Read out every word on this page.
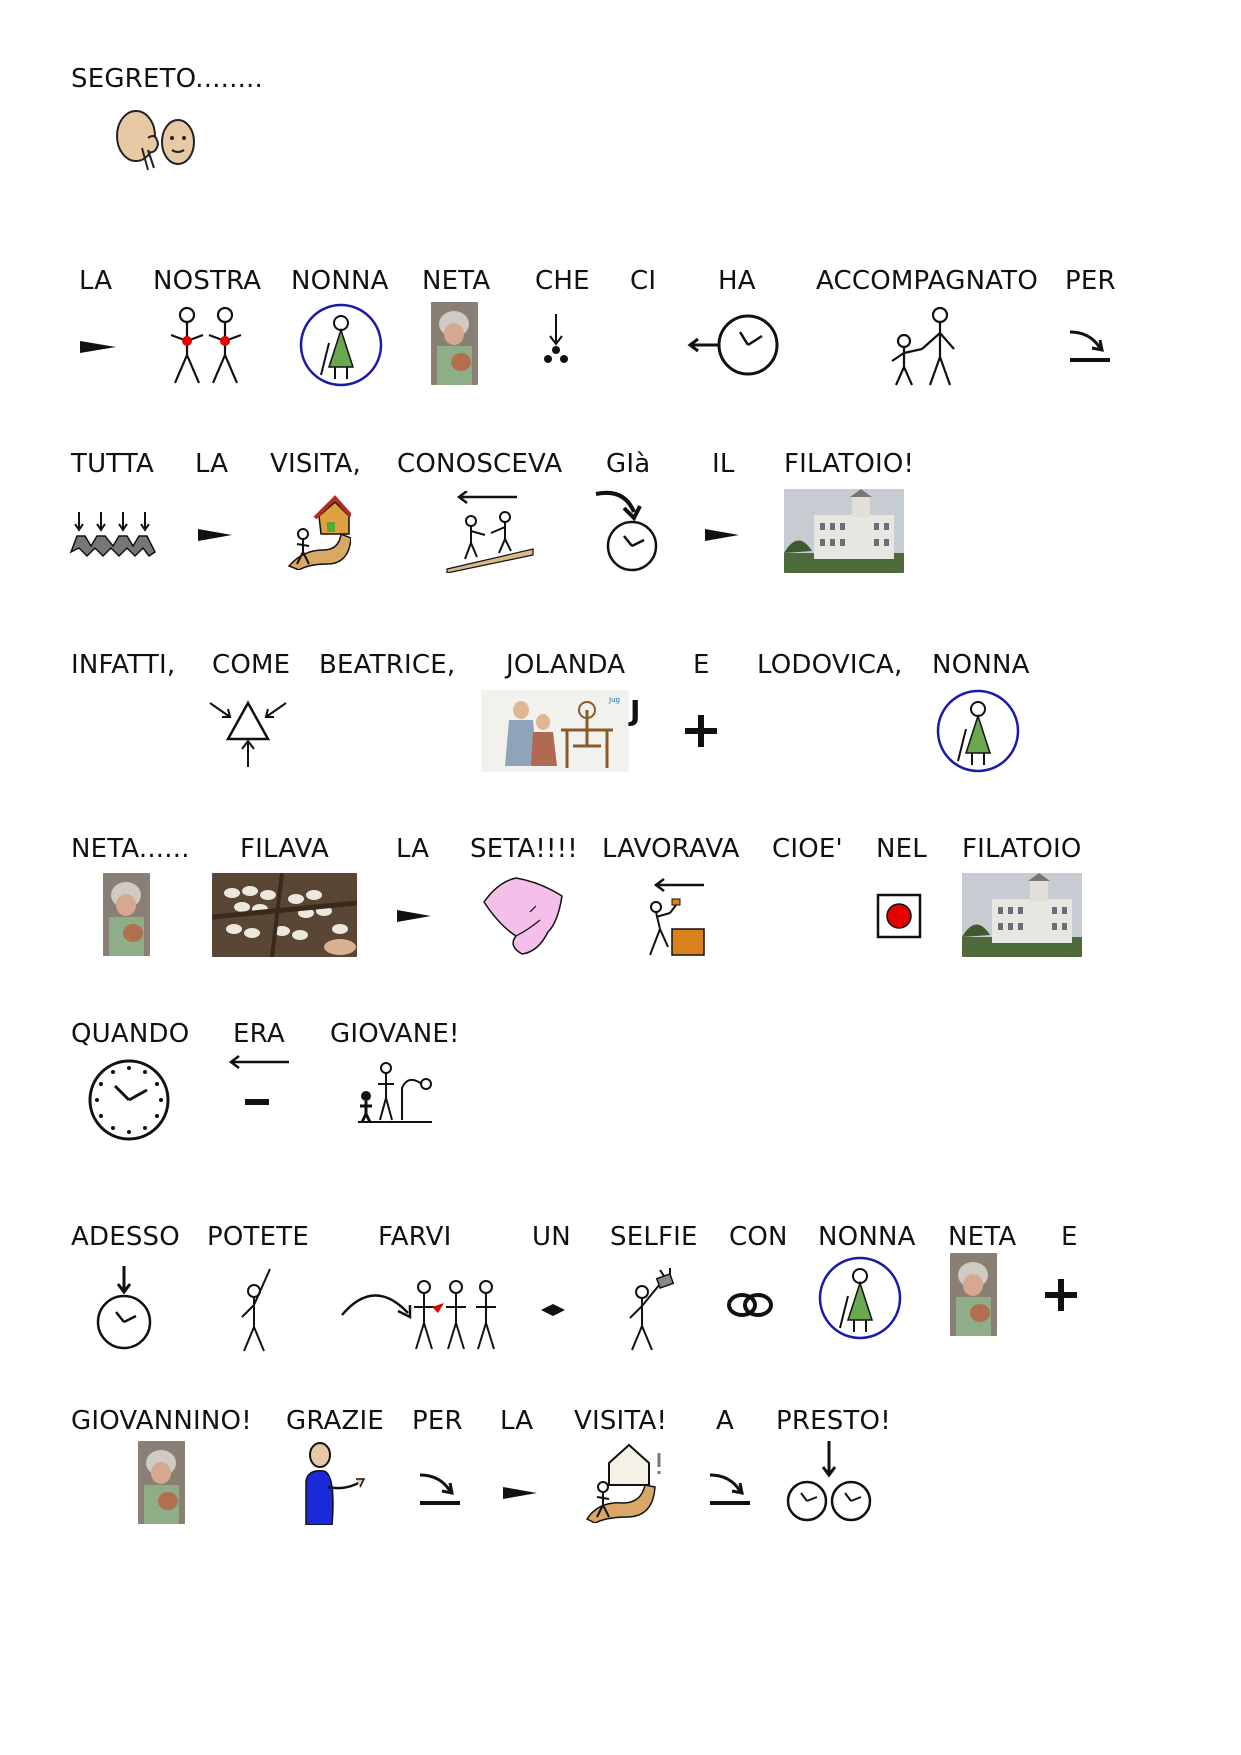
SEGRETO........
LA NOSTRA NONNA NETA CHE CI HA ACCOMPAGNATO PER
TUTTA LA VISITA, CONOSCEVA GIà IL FILATOIO!
INFATTI, COME BEATRICE, JOLANDA	E LODOVICA, NONNA
Jug J
NETA...... FILAVA	LA SETA!!!! LAVORAVA CIOE' NEL FILATOIO
QUANDO ERA GIOVANE!
ADESSO POTETE	FARVI	UN SELFIE CON NONNA NETA E
GIOVANNINO! GRAZIE PER LA VISITA! A PRESTO!
